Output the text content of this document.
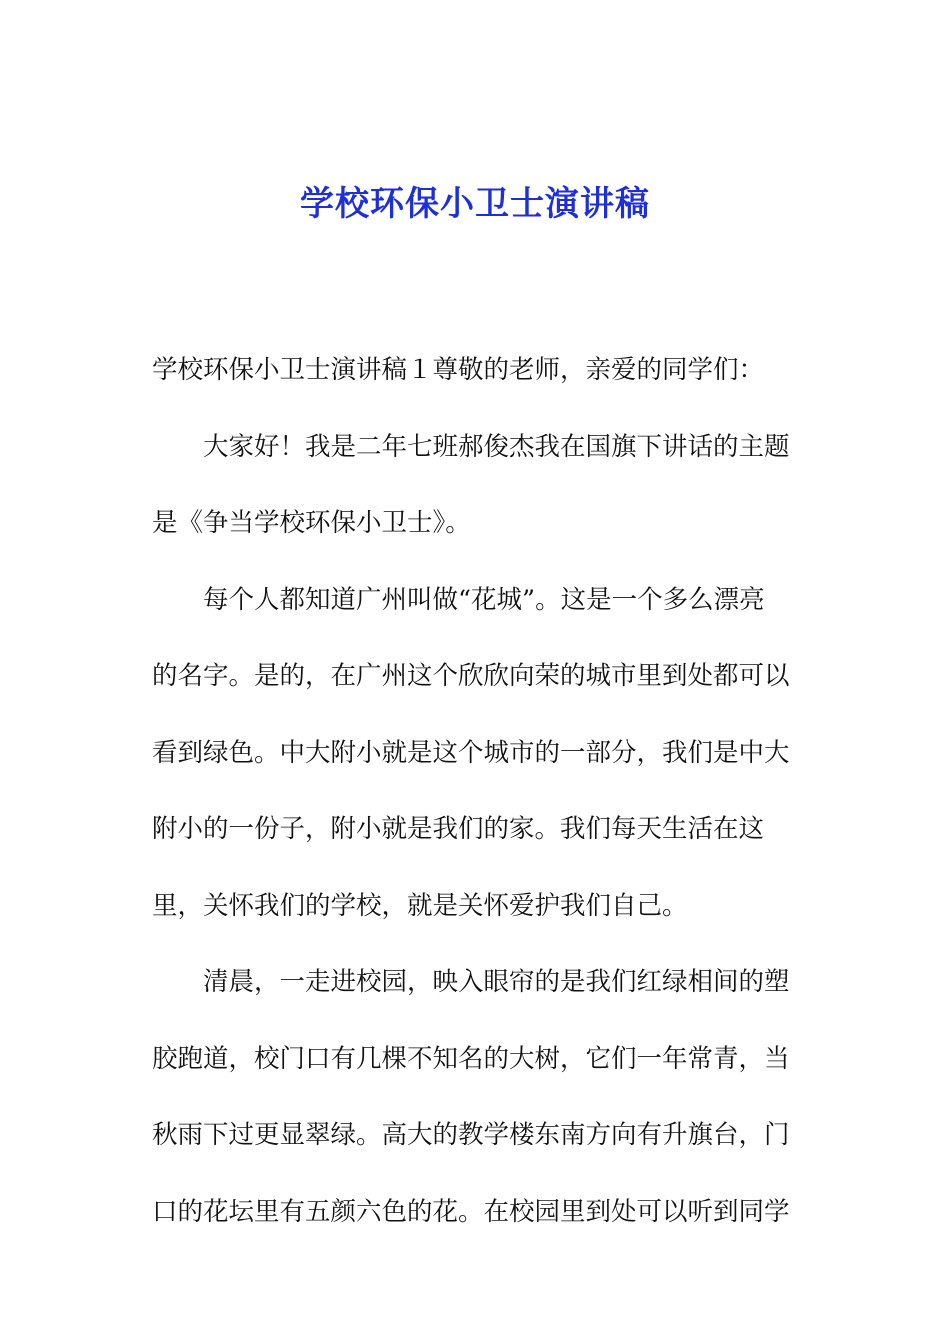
学校环保小卫士演讲稿
学校环保小卫士演讲稿１尊敬的老师，亲爱的同学们：
大家好！我是二年七班郝俊杰我在国旗下讲话的主题
是《争当学校环保小卫士》。
每个人都知道广州叫做“花城”。这是一个多么漂亮
的名字。是的，在广州这个欣欣向荣的城市里到处都可以
看到绿色。中大附小就是这个城市的一部分，我们是中大
附小的一份子，附小就是我们的家。我们每天生活在这
里，关怀我们的学校，就是关怀爱护我们自己。
清晨，一走进校园，映入眼帘的是我们红绿相间的塑
胶跑道，校门口有几棵不知名的大树，它们一年常青，当
秋雨下过更显翠绿。高大的教学楼东南方向有升旗台，门
口的花坛里有五颜六色的花。在校园里到处可以听到同学
